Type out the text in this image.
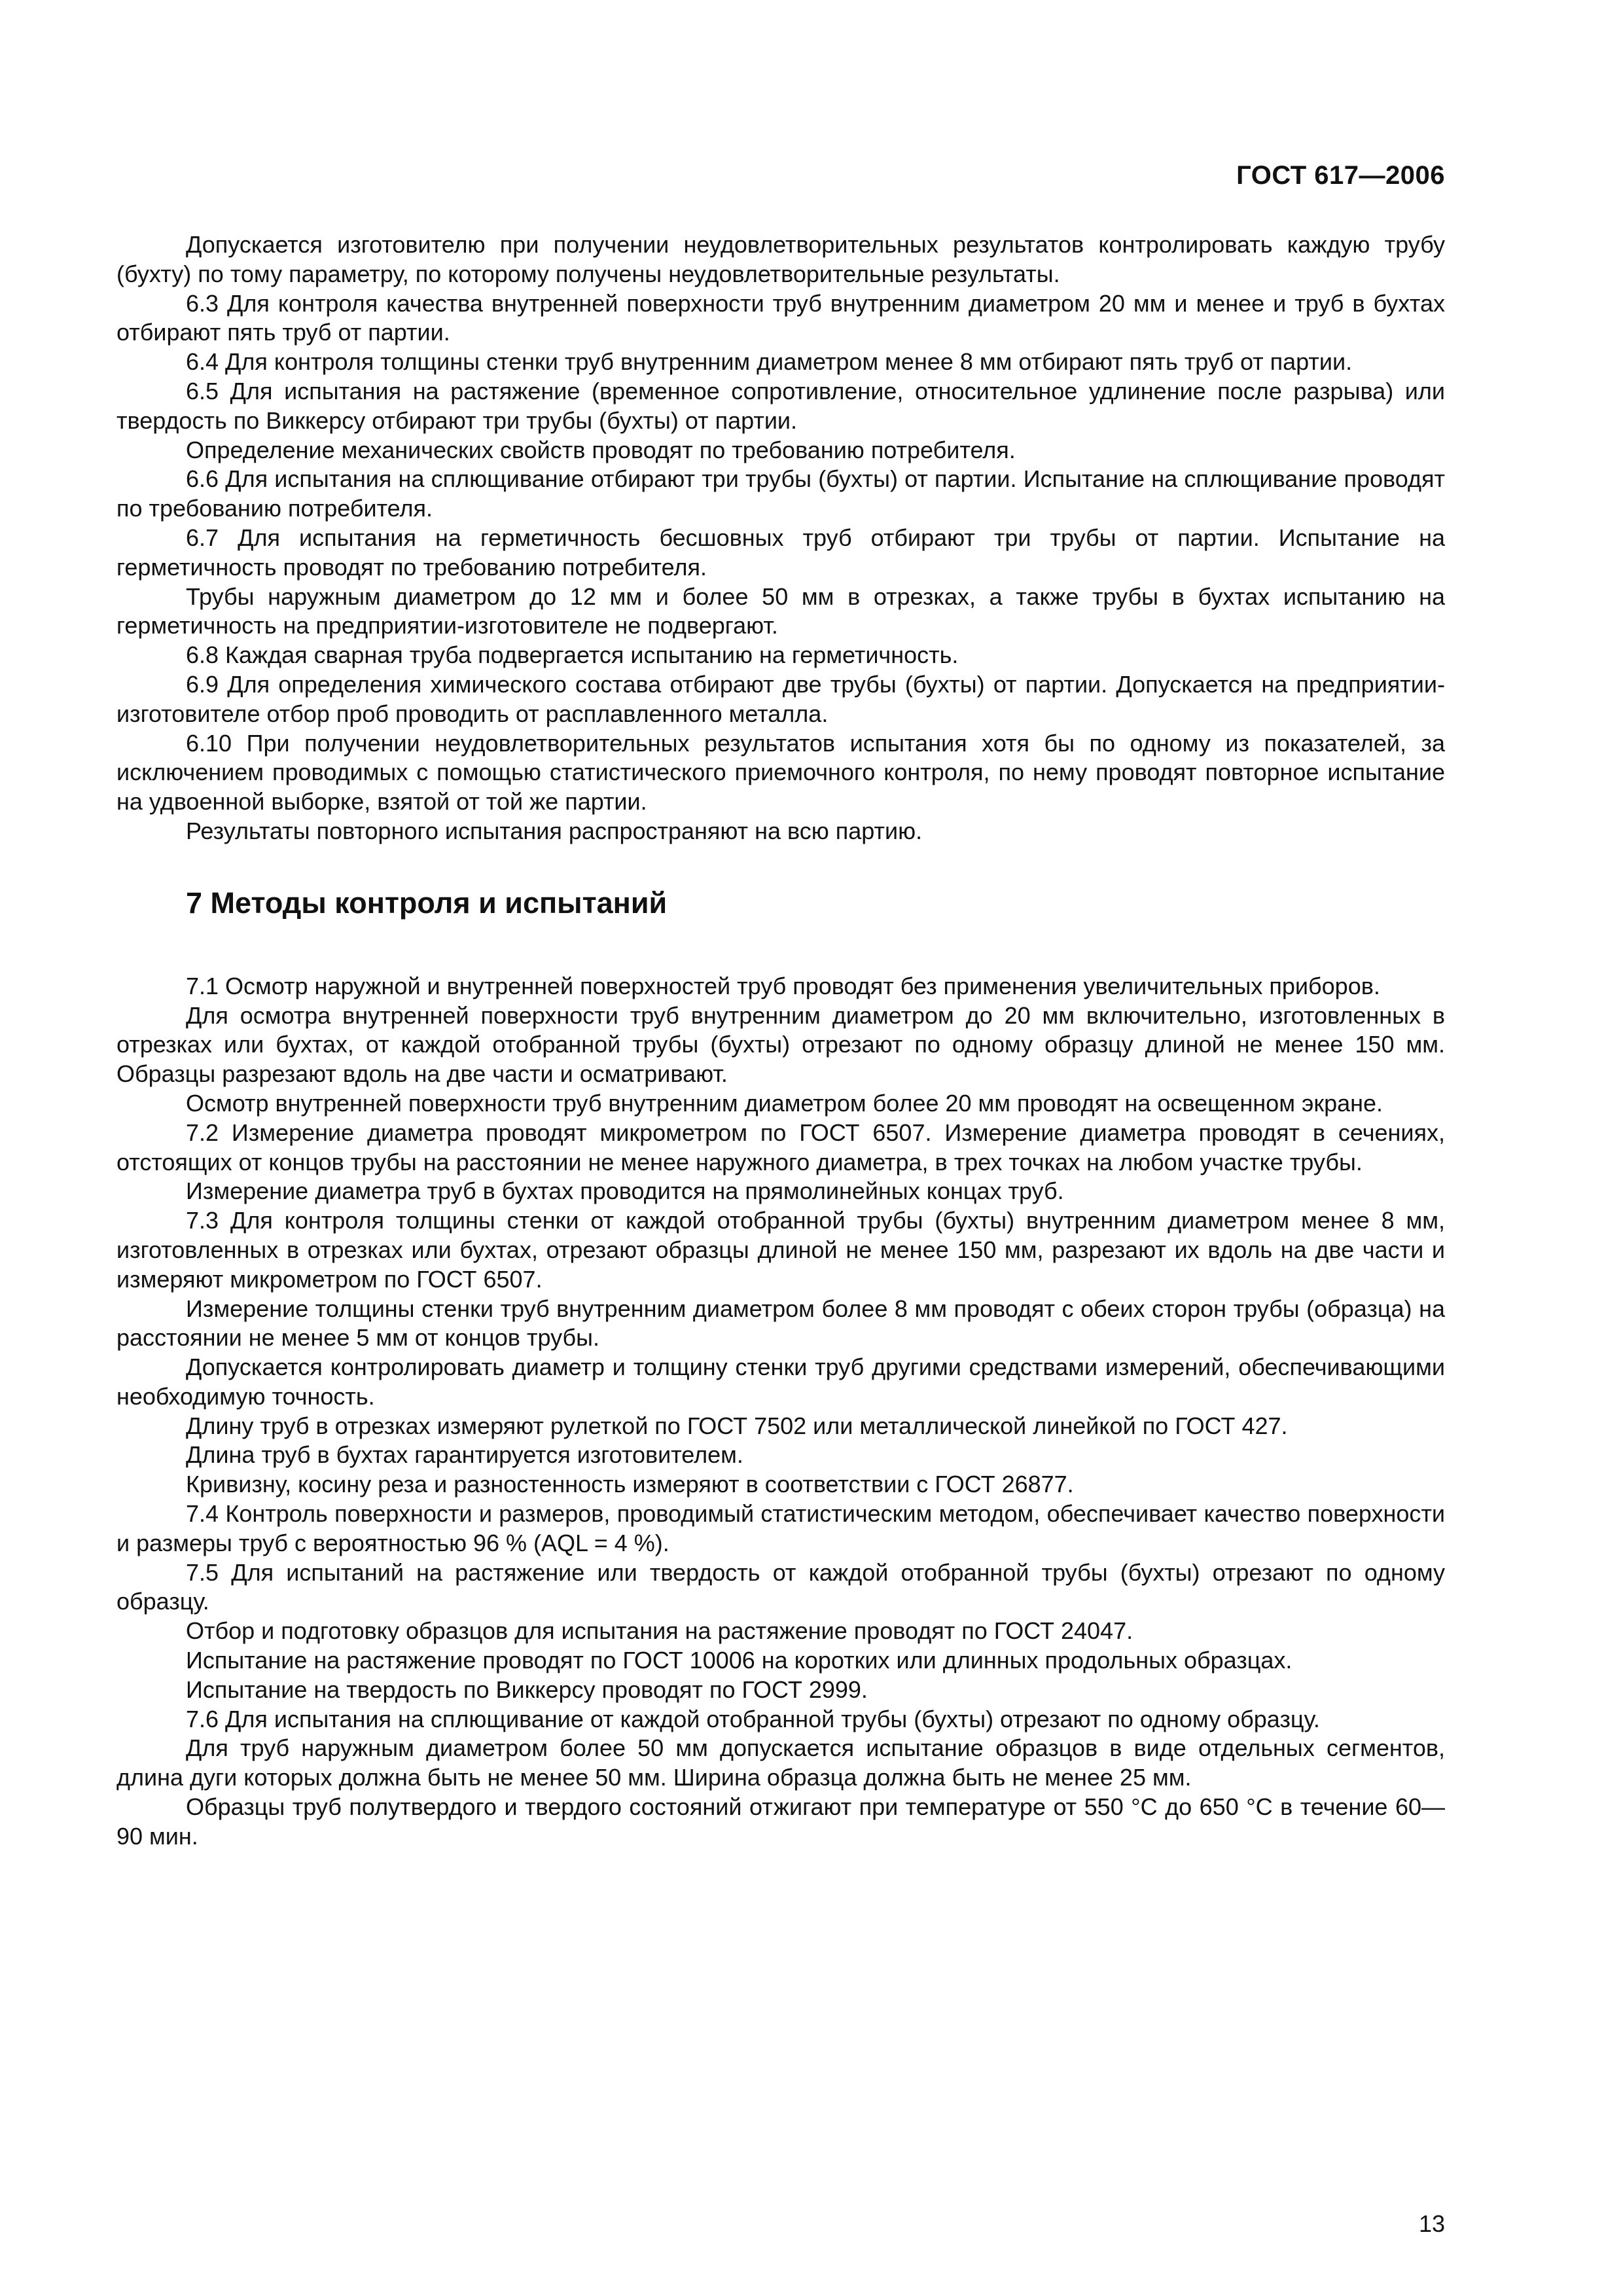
ГОСТ 617—2006

Допускается изготовителю при получении неудовлетворительных результатов контролировать каждую трубу (бухту) по тому параметру, по которому получены неудовлетворительные результаты.

6.3 Для контроля качества внутренней поверхности труб внутренним диаметром 20 мм и менее и труб в бухтах отбирают пять труб от партии.

6.4 Для контроля толщины стенки труб внутренним диаметром менее 8 мм отбирают пять труб от партии.

6.5 Для испытания на растяжение (временное сопротивление, относительное удлинение после разрыва) или твердость по Виккерсу отбирают три трубы (бухты) от партии.

Определение механических свойств проводят по требованию потребителя.

6.6 Для испытания на сплющивание отбирают три трубы (бухты) от партии. Испытание на сплющивание проводят по требованию потребителя.

6.7 Для испытания на герметичность бесшовных труб отбирают три трубы от партии. Испытание на герметичность проводят по требованию потребителя.

Трубы наружным диаметром до 12 мм и более 50 мм в отрезках, а также трубы в бухтах испытанию на герметичность на предприятии-изготовителе не подвергают.

6.8 Каждая сварная труба подвергается испытанию на герметичность.

6.9 Для определения химического состава отбирают две трубы (бухты) от партии. Допускается на предприятии-изготовителе отбор проб проводить от расплавленного металла.

6.10 При получении неудовлетворительных результатов испытания хотя бы по одному из показателей, за исключением проводимых с помощью статистического приемочного контроля, по нему проводят повторное испытание на удвоенной выборке, взятой от той же партии.

Результаты повторного испытания распространяют на всю партию.

7 Методы контроля и испытаний

7.1 Осмотр наружной и внутренней поверхностей труб проводят без применения увеличительных приборов.

Для осмотра внутренней поверхности труб внутренним диаметром до 20 мм включительно, изготовленных в отрезках или бухтах, от каждой отобранной трубы (бухты) отрезают по одному образцу длиной не менее 150 мм. Образцы разрезают вдоль на две части и осматривают.

Осмотр внутренней поверхности труб внутренним диаметром более 20 мм проводят на освещенном экране.

7.2 Измерение диаметра проводят микрометром по ГОСТ 6507. Измерение диаметра проводят в сечениях, отстоящих от концов трубы на расстоянии не менее наружного диаметра, в трех точках на любом участке трубы.

Измерение диаметра труб в бухтах проводится на прямолинейных концах труб.

7.3 Для контроля толщины стенки от каждой отобранной трубы (бухты) внутренним диаметром менее 8 мм, изготовленных в отрезках или бухтах, отрезают образцы длиной не менее 150 мм, разрезают их вдоль на две части и измеряют микрометром по ГОСТ 6507.

Измерение толщины стенки труб внутренним диаметром более 8 мм проводят с обеих сторон трубы (образца) на расстоянии не менее 5 мм от концов трубы.

Допускается контролировать диаметр и толщину стенки труб другими средствами измерений, обеспечивающими необходимую точность.

Длину труб в отрезках измеряют рулеткой по ГОСТ 7502 или металлической линейкой по ГОСТ 427.

Длина труб в бухтах гарантируется изготовителем.

Кривизну, косину реза и разностенность измеряют в соответствии с ГОСТ 26877.

7.4 Контроль поверхности и размеров, проводимый статистическим методом, обеспечивает качество поверхности и размеры труб с вероятностью 96 % (AQL = 4 %).

7.5 Для испытаний на растяжение или твердость от каждой отобранной трубы (бухты) отрезают по одному образцу.

Отбор и подготовку образцов для испытания на растяжение проводят по ГОСТ 24047.

Испытание на растяжение проводят по ГОСТ 10006 на коротких или длинных продольных образцах.

Испытание на твердость по Виккерсу проводят по ГОСТ 2999.

7.6 Для испытания на сплющивание от каждой отобранной трубы (бухты) отрезают по одному образцу.

Для труб наружным диаметром более 50 мм допускается испытание образцов в виде отдельных сегментов, длина дуги которых должна быть не менее 50 мм. Ширина образца должна быть не менее 25 мм.

Образцы труб полутвердого и твердого состояний отжигают при температуре от 550 °С до 650 °С в течение 60—90 мин.

13
